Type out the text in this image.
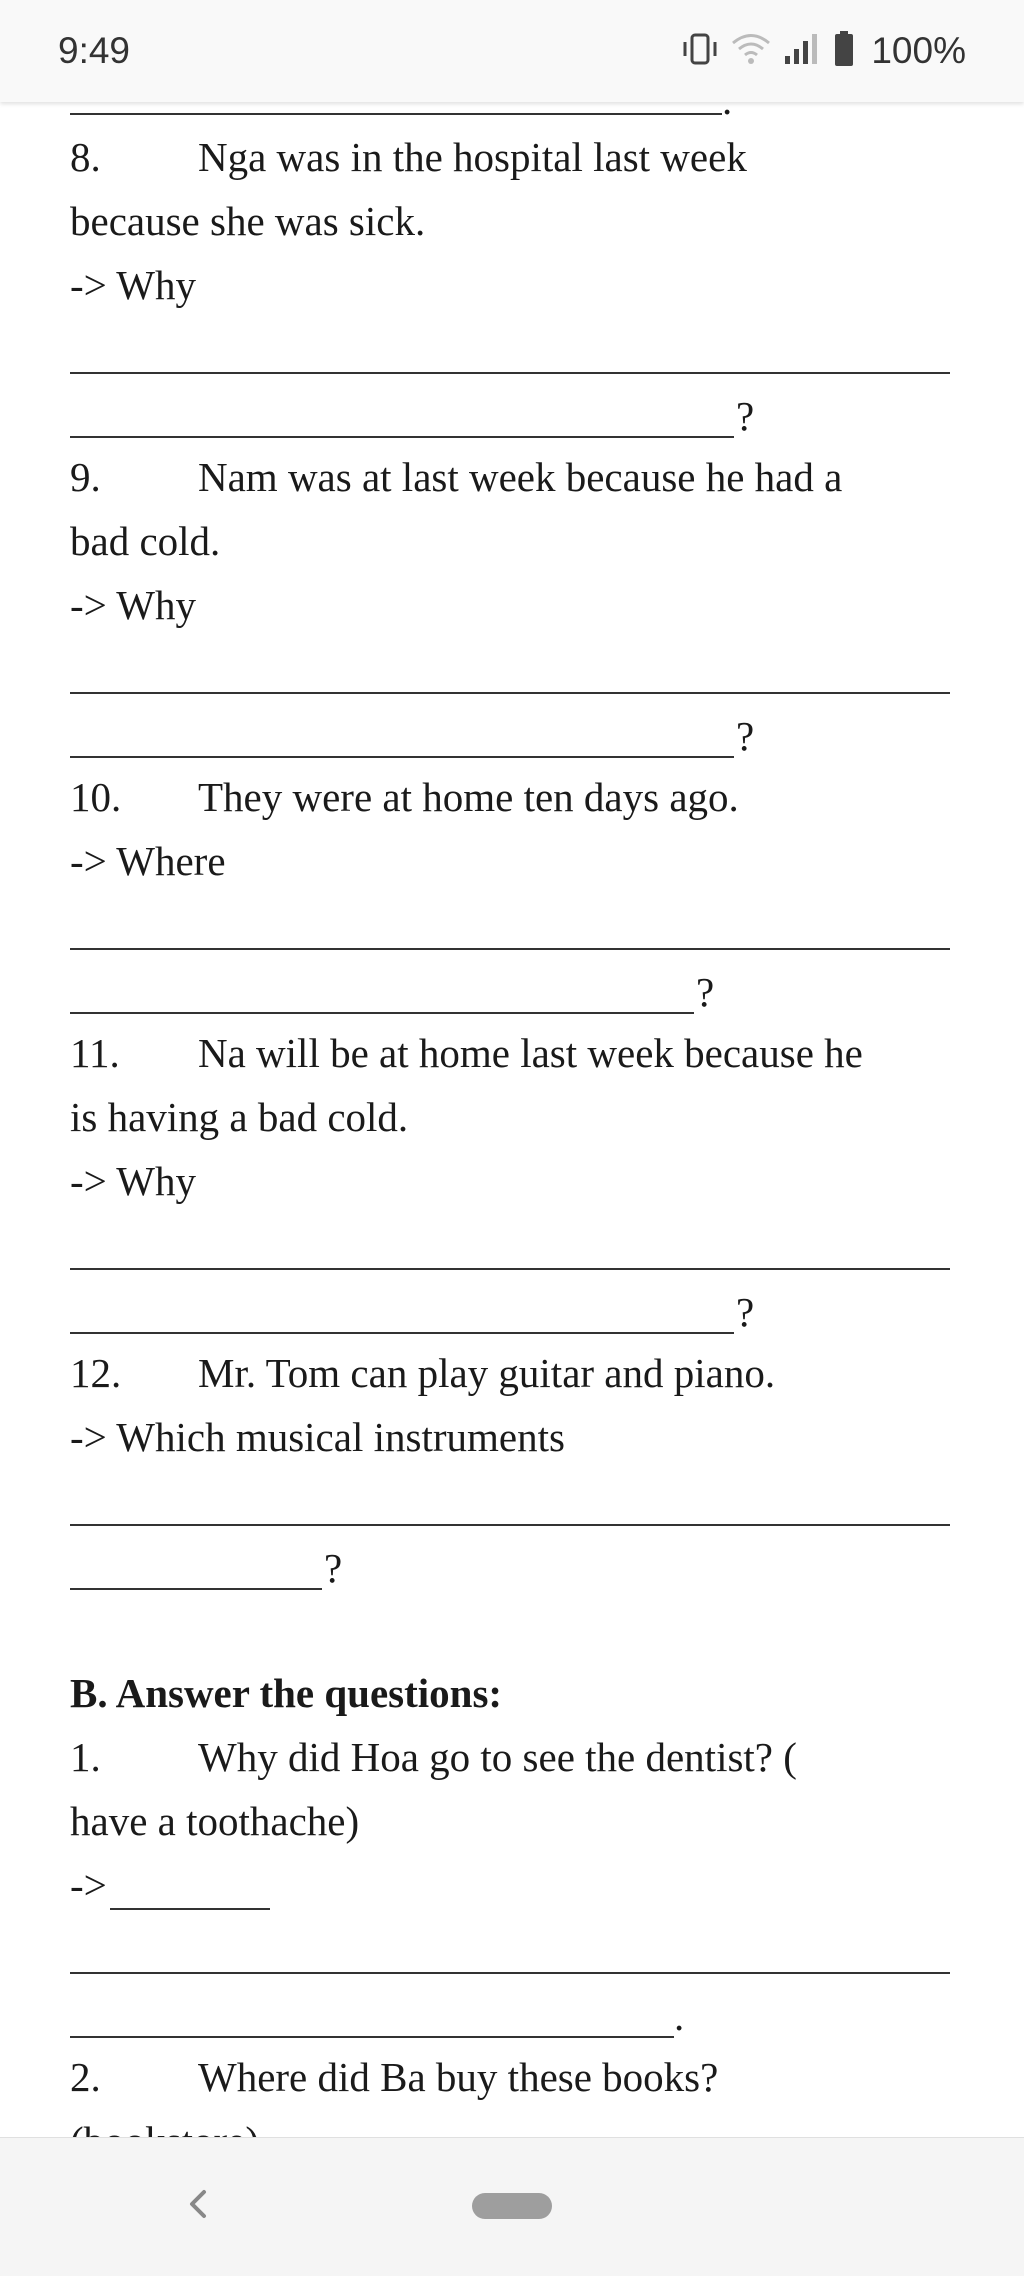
9:49	100%
8. Nga was in the hospital last week
because she was sick.
-> Why
?
9. Nam was at last week because he had a
bad cold.
-> Why
?
10. They were at home ten days ago.
-> Where
?
11. Na will be at home last week because he
is having a bad cold.
-> Why
?
12. Mr. Tom can play guitar and piano.
-> Which musical instruments
?
B. Answer the questions:
1. Why did Hoa go to see the dentist? (
have a toothache)
->
.
2. Where did Ba buy these books?
